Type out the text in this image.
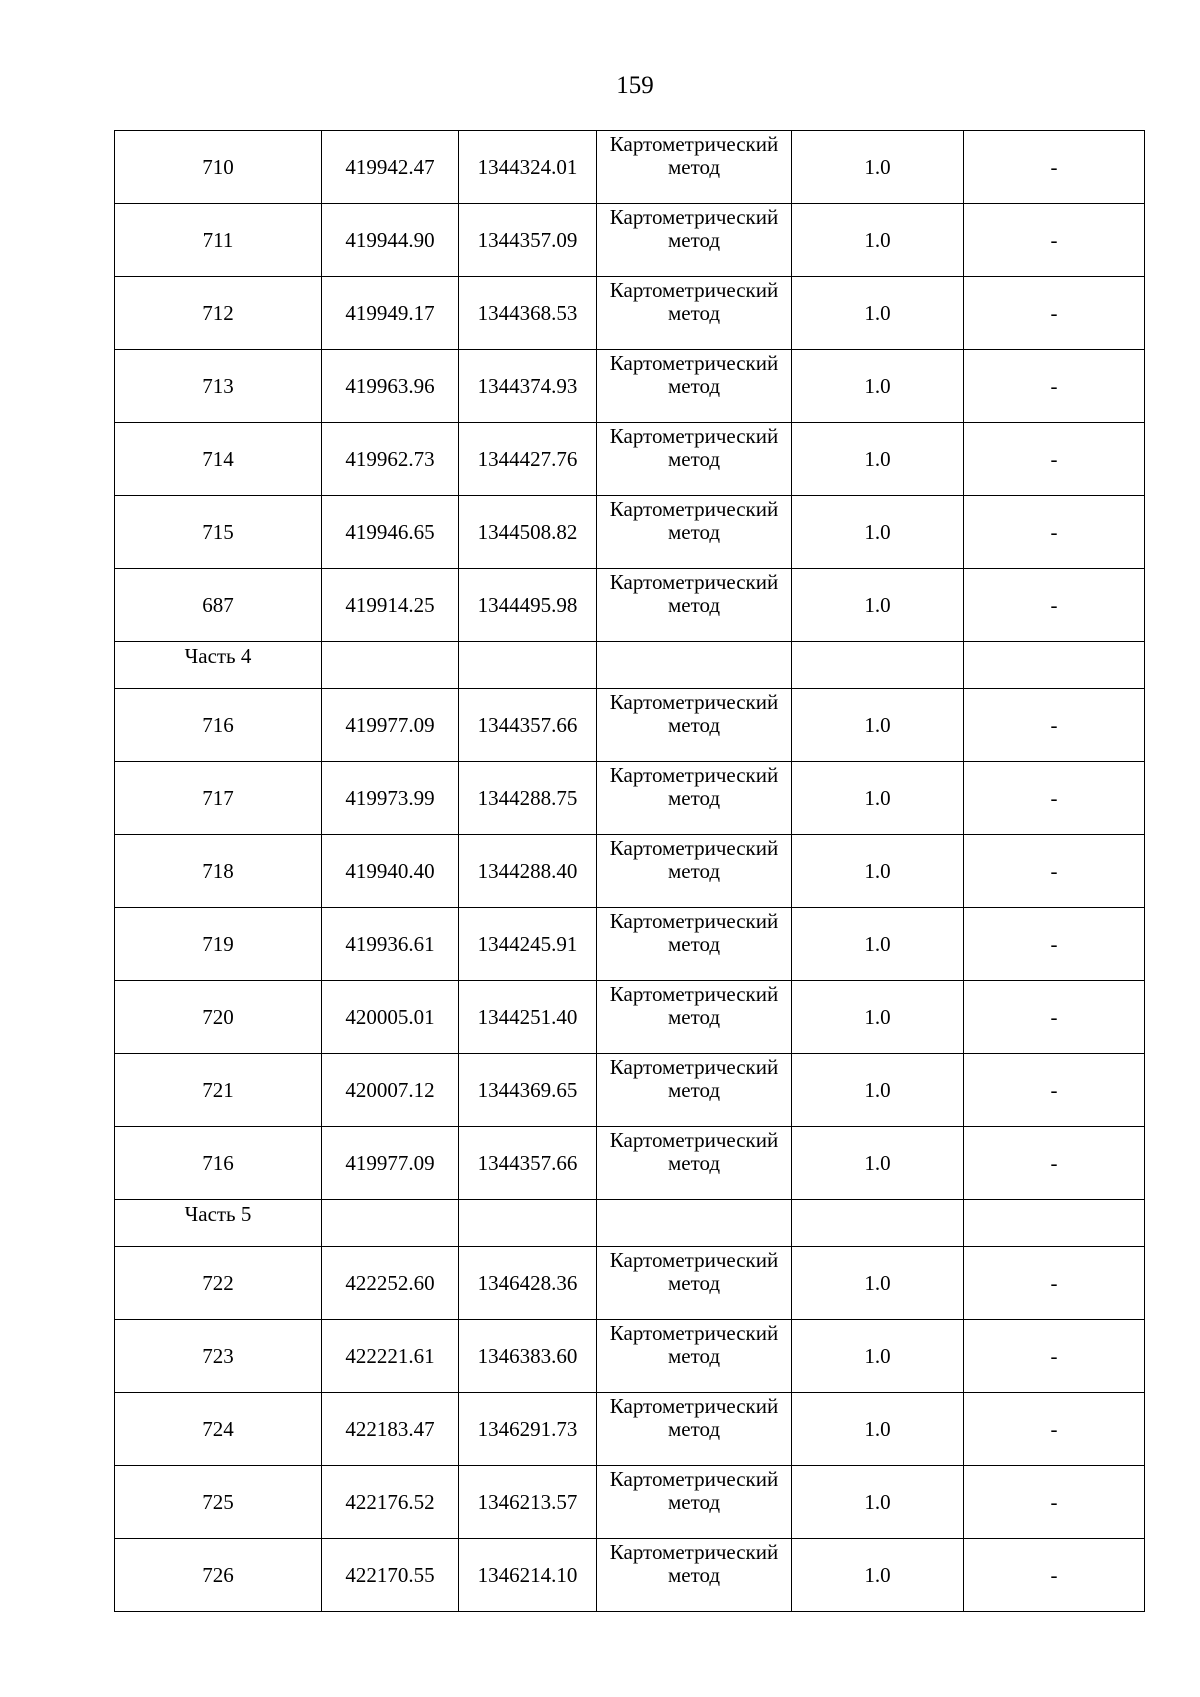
159
710	419942.47	1344324.01	Картометрический метод	1.0	-
711	419944.90	1344357.09	Картометрический метод	1.0	-
712	419949.17	1344368.53	Картометрический метод	1.0	-
713	419963.96	1344374.93	Картометрический метод	1.0	-
714	419962.73	1344427.76	Картометрический метод	1.0	-
715	419946.65	1344508.82	Картометрический метод	1.0	-
687	419914.25	1344495.98	Картометрический метод	1.0	-
Часть 4					
716	419977.09	1344357.66	Картометрический метод	1.0	-
717	419973.99	1344288.75	Картометрический метод	1.0	-
718	419940.40	1344288.40	Картометрический метод	1.0	-
719	419936.61	1344245.91	Картометрический метод	1.0	-
720	420005.01	1344251.40	Картометрический метод	1.0	-
721	420007.12	1344369.65	Картометрический метод	1.0	-
716	419977.09	1344357.66	Картометрический метод	1.0	-
Часть 5					
722	422252.60	1346428.36	Картометрический метод	1.0	-
723	422221.61	1346383.60	Картометрический метод	1.0	-
724	422183.47	1346291.73	Картометрический метод	1.0	-
725	422176.52	1346213.57	Картометрический метод	1.0	-
726	422170.55	1346214.10	Картометрический метод	1.0	-
